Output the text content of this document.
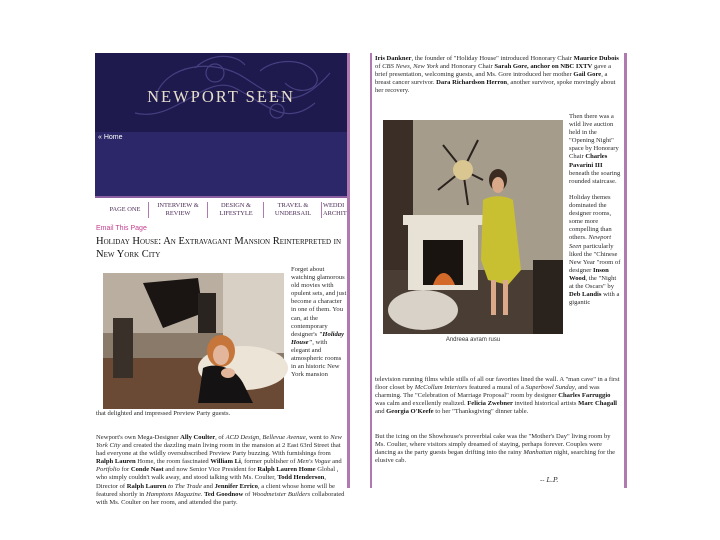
NEWPORT SEEN
« Home
PAGE ONE
INTERVIEW & REVIEW
DESIGN & LIFESTYLE
TRAVEL & UNDERSAIL
WEDDI ARCHIT
Email This Page
Holiday House: An Extravagant Mansion Reinterpreted in New York City
Forget about watching glamorous old movies with opulent sets, and just become a character in one of them. You can, at the contemporary designer's "Holiday House", with elegant and atmospheric rooms in an historic New York mansion
that delighted and impressed Preview Party guests.
Newport's own Mega-Designer Ally Coulter, of ACD Design, Bellevue Avenue, went to New York City and created the dazzling main living room in the mansion at 2 East 63rd Street that had everyone at the wildly oversubscribed Preview Party buzzing. With furnishings from Ralph Lauren Home, the room fascinated William Li, former publisher of Men's Vogue and Portfolio for Conde Nast and now Senior Vice President for Ralph Lauren Home Global , who simply couldn't walk away, and stood talking with Ms. Coulter, Todd Henderson, Director of Ralph Lauren to The Trade and Jennifer Errico, a client whose home will be featured shortly in Hamptons Magazine. Ted Goodnow of Woodmeister Builders collaborated with Ms. Coulter on her room, and attended the party.
Iris Dankner, the founder of "Holiday House" introduced Honorary Chair Maurice Dubois of CBS News, New York and Honorary Chair Sarah Gore, anchor on NBC IXTV gave a brief presentation, welcoming guests, and Ms. Gore introduced her mother Gail Gore, a breast cancer survivor. Dara Richardson Herron, another survivor, spoke movingly about her recovery.
Andreea avram rusu
Then there was a wild live auction held in the "Opening Night" space by Honorary Chair Charles Pavarini III beneath the soaring rounded staircase.

Holiday themes dominated the designer rooms, some more compelling than others. Newport Seen particularly liked the "Chinese New Year "room of designer Inson Wood, the "Night at the Oscars" by Deb Landis with a gigantic
television running films while stills of all our favorites lined the wall. A "man cave" in a first floor closet by McCollum Interiors featured a mural of a Superbowl Sunday, and was charming. The "Celebration of Marriage Proposal" room by designer Charles Farruggio was calm and excellently realized. Felicia Zwebner invited historical artists Marc Chagall and Georgia O'Keefe to her "Thanksgiving" dinner table.
But the icing on the Showhouse's proverbial cake was the "Mother's Day" living room by Ms. Coulter, where visitors simply dreamed of staying, perhaps forever. Couples were dancing as the party guests began drifting into the rainy Manhattan night, searching for the elusive cab.
-- L.P.
